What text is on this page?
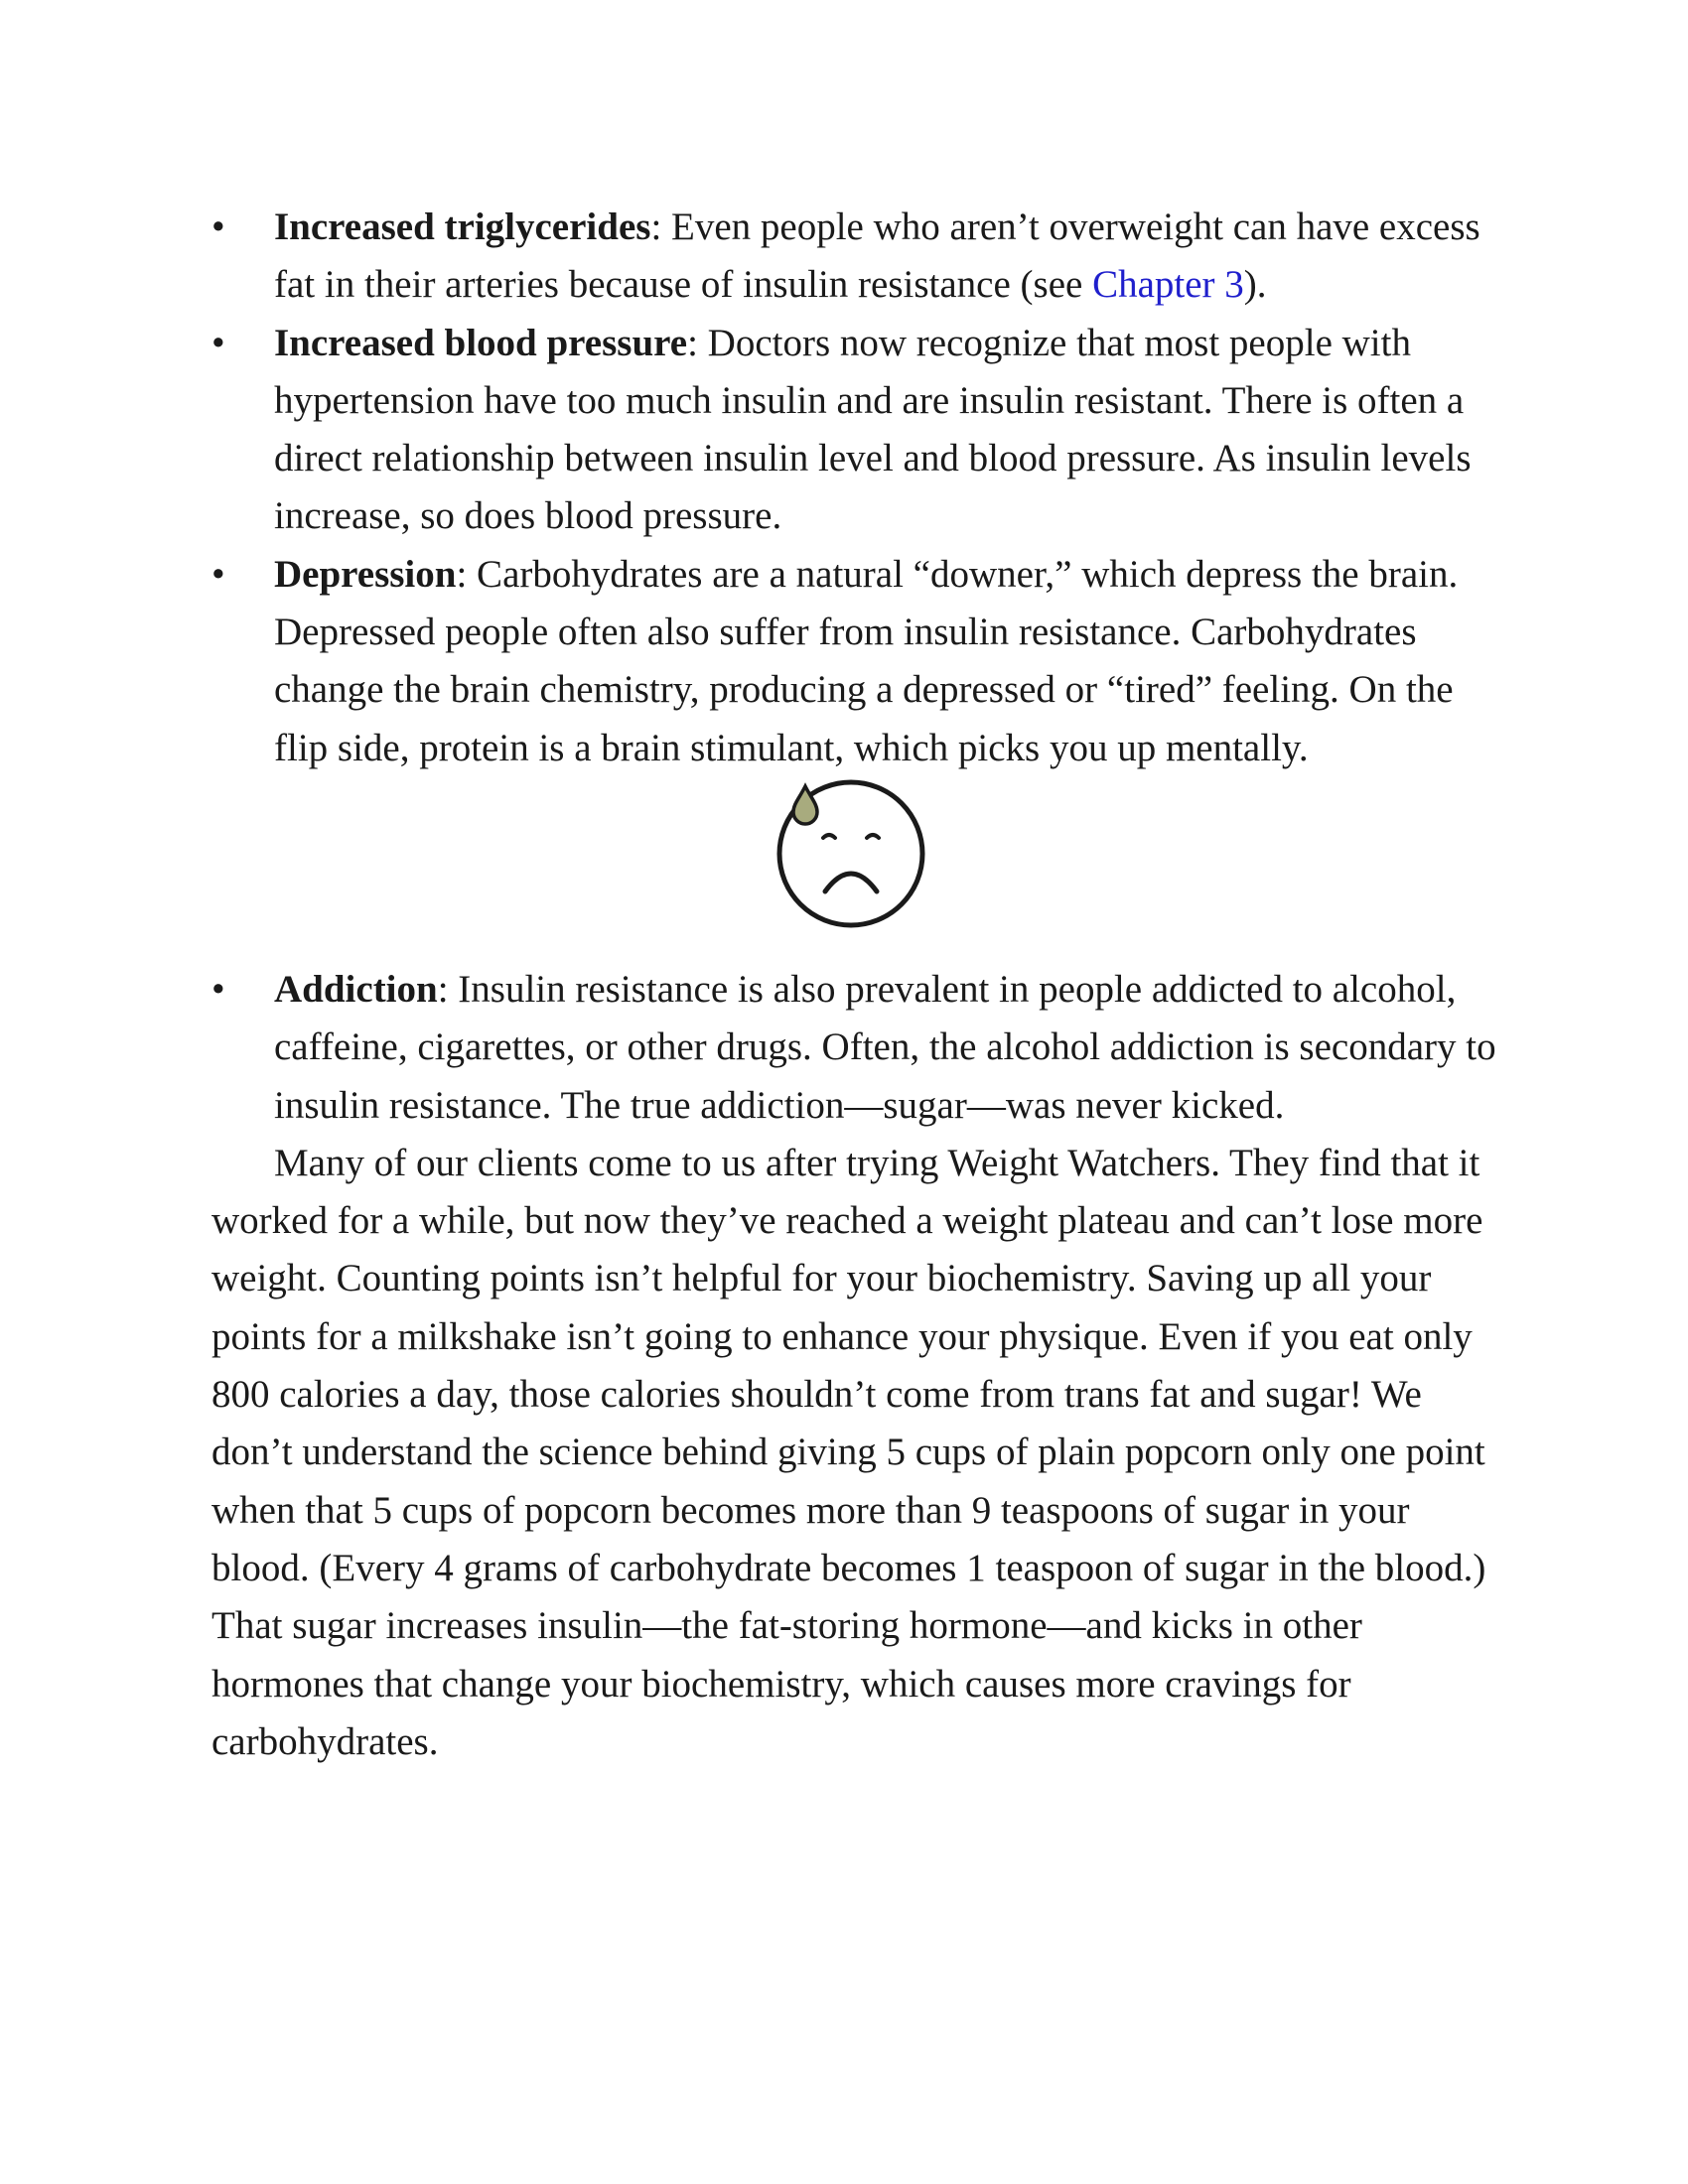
•	Increased triglycerides: Even people who aren’t overweight can have excess fat in their arteries because of insulin resistance (see Chapter 3).
•	Increased blood pressure: Doctors now recognize that most people with hypertension have too much insulin and are insulin resistant. There is often a direct relationship between insulin level and blood pressure. As insulin levels increase, so does blood pressure.
•	Depression: Carbohydrates are a natural “downer,” which depress the brain. Depressed people often also suffer from insulin resistance. Carbohydrates change the brain chemistry, producing a depressed or “tired” feeling. On the flip side, protein is a brain stimulant, which picks you up mentally.
•	Addiction: Insulin resistance is also prevalent in people addicted to alcohol, caffeine, cigarettes, or other drugs. Often, the alcohol addiction is secondary to insulin resistance. The true addiction—sugar—was never kicked.

Many of our clients come to us after trying Weight Watchers. They find that it worked for a while, but now they’ve reached a weight plateau and can’t lose more weight. Counting points isn’t helpful for your biochemistry. Saving up all your points for a milkshake isn’t going to enhance your physique. Even if you eat only 800 calories a day, those calories shouldn’t come from trans fat and sugar! We don’t understand the science behind giving 5 cups of plain popcorn only one point when that 5 cups of popcorn becomes more than 9 teaspoons of sugar in your blood. (Every 4 grams of carbohydrate becomes 1 teaspoon of sugar in the blood.) That sugar increases insulin—the fat-storing hormone—and kicks in other hormones that change your biochemistry, which causes more cravings for carbohydrates.
